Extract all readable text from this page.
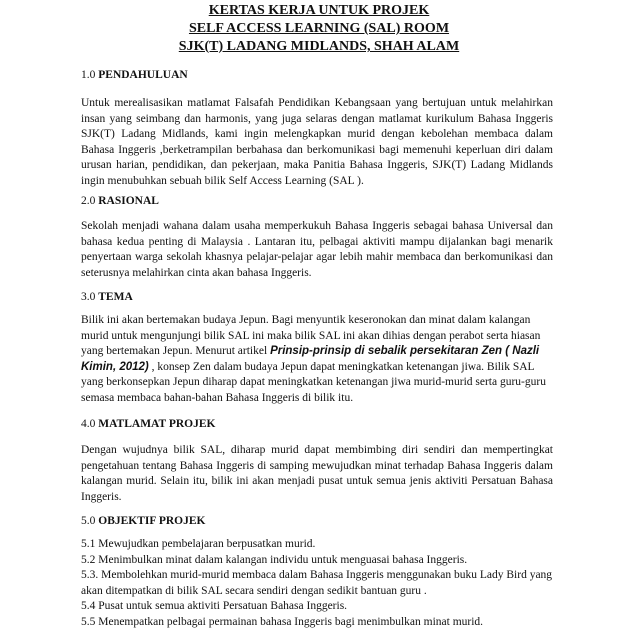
KERTAS KERJA UNTUK PROJEK
SELF ACCESS LEARNING (SAL) ROOM
SJK(T) LADANG MIDLANDS, SHAH ALAM
1.0 PENDAHULUAN

Untuk merealisasikan matlamat Falsafah Pendidikan Kebangsaan yang bertujuan untuk melahirkan insan yang seimbang dan harmonis, yang juga selaras dengan matlamat kurikulum Bahasa Inggeris SJK(T) Ladang Midlands, kami ingin melengkapkan murid dengan kebolehan membaca dalam Bahasa Inggeris ,berketrampilan berbahasa dan berkomunikasi bagi memenuhi keperluan diri dalam urusan harian, pendidikan, dan pekerjaan, maka Panitia Bahasa Inggeris, SJK(T) Ladang Midlands ingin menubuhkan sebuah bilik Self Access Learning (SAL ).

2.0 RASIONAL

Sekolah menjadi wahana dalam usaha memperkukuh Bahasa Inggeris sebagai bahasa Universal dan bahasa kedua penting di Malaysia . Lantaran itu, pelbagai aktiviti mampu dijalankan bagi menarik penyertaan warga sekolah khasnya pelajar-pelajar agar lebih mahir membaca dan berkomunikasi dan seterusnya melahirkan cinta akan bahasa Inggeris.

3.0 TEMA

Bilik ini akan bertemakan budaya Jepun. Bagi menyuntik keseronokan dan minat dalam kalangan murid untuk mengunjungi bilik SAL ini maka bilik SAL ini akan dihias dengan perabot serta hiasan yang bertemakan Jepun. Menurut artikel Prinsip-prinsip di sebalik persekitaran Zen ( Nazli Kimin, 2012) , konsep Zen dalam budaya Jepun dapat meningkatkan ketenangan jiwa. Bilik SAL yang berkonsepkan Jepun diharap dapat meningkatkan ketenangan jiwa murid-murid serta guru-guru semasa membaca bahan-bahan Bahasa Inggeris di bilik itu.

4.0 MATLAMAT PROJEK

Dengan wujudnya bilik SAL, diharap murid dapat membimbing diri sendiri dan mempertingkat pengetahuan tentang Bahasa Inggeris di samping mewujudkan minat terhadap Bahasa Inggeris dalam kalangan murid. Selain itu, bilik ini akan menjadi pusat untuk semua jenis aktiviti Persatuan Bahasa Inggeris.

5.0 OBJEKTIF PROJEK
5.1 Mewujudkan pembelajaran berpusatkan murid.
5.2 Menimbulkan minat dalam kalangan individu untuk menguasai bahasa Inggeris.
5.3. Membolehkan murid-murid membaca dalam Bahasa Inggeris menggunakan buku Lady Bird yang akan ditempatkan di bilik SAL secara sendiri dengan sedikit bantuan guru .
5.4 Pusat untuk semua aktiviti Persatuan Bahasa Inggeris.
5.5 Menempatkan pelbagai permainan bahasa Inggeris bagi menimbulkan minat murid.
